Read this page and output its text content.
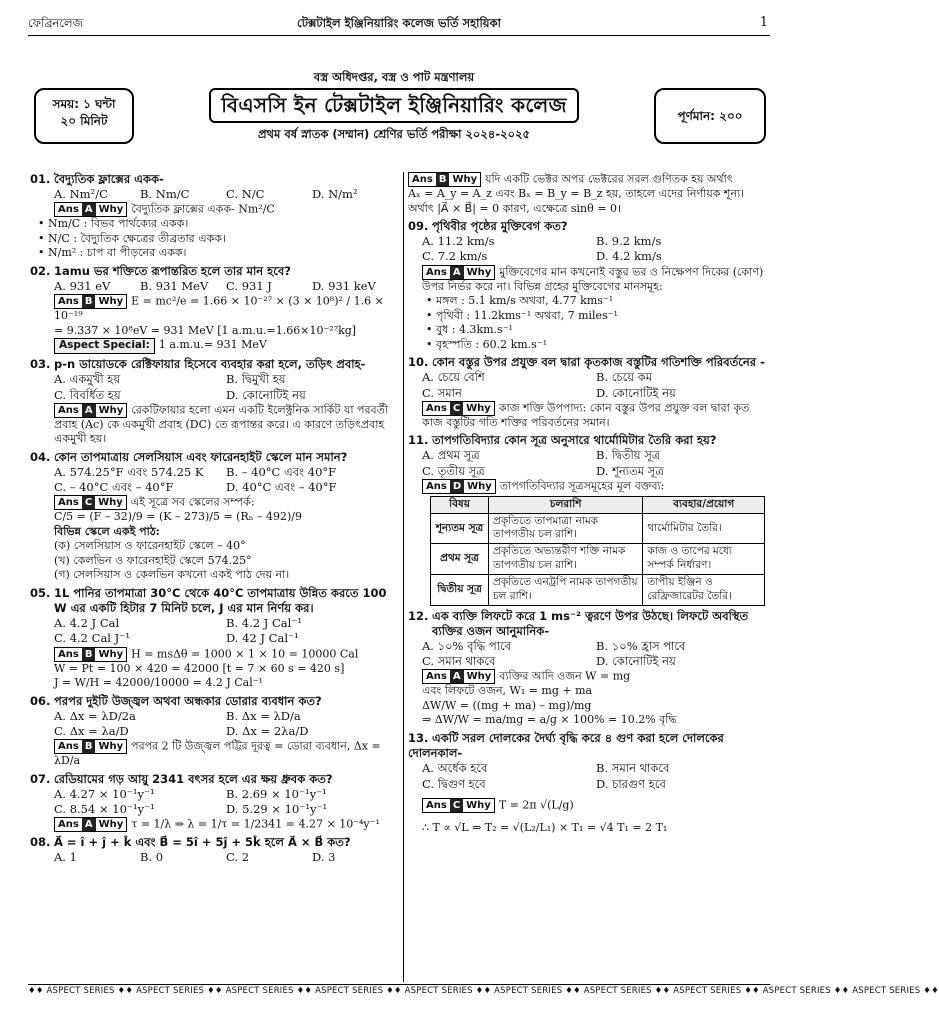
ফেব্রিনলেজ	টেক্সটাইল ইঞ্জিনিয়ারিং কলেজ ভর্তি সহায়িকা	1
সময়: ১ ঘন্টা
২০ মিনিট
বস্ত্র অধিদপ্তর, বস্ত্র ও পাট মন্ত্রণালয়
বিএসসি ইন টেক্সটাইল ইঞ্জিনিয়ারিং কলেজ
প্রথম বর্ষ স্নাতক (সম্মান) শ্রেণির ভর্তি পরীক্ষা ২০২৪-২০২৫
পূর্ণমান: ২০০
01. বৈদ্যুতিক ফ্লাক্সের একক-
A. Nm²/C	B. Nm/C	C. N/C	D. N/m²
Ans A Why বৈদ্যুতিক ফ্লাক্সের একক- Nm²/C
• Nm/C : বিভব পার্থক্যের একক।
• N/C : বৈদ্যুতিক ক্ষেত্রের তীব্রতার একক।
• N/m² : চাপ বা পীড়নের একক।
02. 1amu ভর শক্তিতে রূপান্তরিত হলে তার মান হবে?
A. 931 eV	B. 931 MeV	C. 931 J	D. 931 keV
Ans B Why E = mc²/e = 1.66 × 10⁻²⁷ × (3 × 10⁸)² / 1.6 × 10⁻¹⁹
= 9.337 × 10⁸eV = 931 MeV [1 a.m.u.=1.66×10⁻²⁷kg]
Aspect Special: 1 a.m.u.= 931 MeV
03. p-n ডায়োডকে রেক্টিফায়ার হিসেবে ব্যবহার করা হলে, তড়িৎ প্রবাহ-
A. একমুখী হয়	B. দ্বিমুখী হয়
C. বিবর্ধিত হয়	D. কোনোটিই নয়
Ans A Why রেকটিফায়ার হলো এমন একটি ইলেক্ট্রনিক সার্কিট যা পরবর্তী প্রবাহ (Ac) কে একমুখী প্রবাহ (DC) তে রূপান্তর করে। এ কারণে তড়িৎপ্রবাহ একমুখী হয়।
04. কোন তাপমাত্রায় সেলসিয়াস এবং ফারেনহাইট স্কেলে মান সমান?
A. 574.25°F এবং 574.25 K	B. – 40°C এবং 40°F
C. – 40°C এবং – 40°F	D. 40°C এবং – 40°F
Ans C Why এই সূত্রে সব স্কেলের সম্পর্ক:
C/5 = (F – 32)/9 = (K – 273)/5 = (Rₙ – 492)/9
বিভিন্ন স্কেলে একই পাঠ:
(ক) সেলসিয়াস ও ফারেনহাইট স্কেলে – 40°
(খ) কেলভিন ও ফারেনহাইট স্কেলে 574.25°
(গ) সেলসিয়াস ও কেলভিন কখনো একই পাঠ দেয় না।
05. 1L পানির তাপমাত্রা 30°C থেকে 40°C তাপমাত্রায় উন্নিত করতে 100 W এর একটি হিটার 7 মিনিট চলে, J এর মান নির্ণয় কর।
A. 4.2 J Cal	B. 4.2 J Cal⁻¹
C. 4.2 Cal J⁻¹	D. 42 J Cal⁻¹
Ans B Why H = msΔθ = 1000 × 1 × 10 = 10000 Cal
W = Pt = 100 × 420 = 42000 [t = 7 × 60 s = 420 s]
J = W/H = 42000/10000 = 4.2 J Cal⁻¹
06. পরপর দুইটি উজ্জ্বল অথবা অন্ধকার ডোরার ব্যবধান কত?
A. Δx = λD/2a	B. Δx = λD/a
C. Δx = λa/D	D. Δx = 2λa/D
Ans B Why পরপর 2 টি উজ্জ্বল পট্টির দূরত্ব = ডোরা ব্যবধান, Δx = λD/a
07. রেডিয়ামের গড় আয়ু 2341 বৎসর হলে এর ক্ষয় ধ্রুবক কত?
A. 4.27 × 10⁻¹y⁻¹	B. 2.69 × 10⁻¹y⁻¹
C. 8.54 × 10⁻¹y⁻¹	D. 5.29 × 10⁻¹y⁻¹
Ans A Why τ = 1/λ ⇒ λ = 1/τ = 1/2341 = 4.27 × 10⁻⁴y⁻¹
08. A⃗ = î + ĵ + k̂ এবং B⃗ = 5î + 5ĵ + 5k̂ হলে A⃗ × B⃗ কত?
A. 1	B. 0	C. 2	D. 3
Ans B Why যদি একটি ভেক্টর অপর ভেক্টরের সরল গুণিতক হয় অর্থাৎ
Aₓ = A_y = A_z এবং Bₓ = B_y = B_z হয়, তাহলে এদের নির্ণায়ক শূন্য।
অর্থাৎ |A⃗ × B⃗| = 0 কারণ, এক্ষেত্রে sinθ = 0।
09. পৃথিবীর পৃষ্ঠের মুক্তিবেগ কত?
A. 11.2 km/s	B. 9.2 km/s
C. 7.2 km/s	D. 4.2 km/s
Ans A Why মুক্তিবেগের মান কখনোই বস্তুর ভর ও নিক্ষেপণ দিকের (কোণ) উপর নির্ভর করে না। বিভিন্ন গ্রহের মুক্তিবেগের মানসমূহ:
• মঙ্গল : 5.1 km/s অথবা, 4.77 kms⁻¹
• পৃথিবী : 11.2kms⁻¹ অথবা, 7 miles⁻¹
• বুধ : 4.3km.s⁻¹
• বৃহস্পতি : 60.2 km.s⁻¹
10. কোন বস্তুর উপর প্রযুক্ত বল দ্বারা কৃতকাজ বস্তুটির গতিশক্তি পরিবর্তনের -
A. চেয়ে বেশি	B. চেয়ে কম
C. সমান	D. কোনোটিই নয়
Ans C Why কাজ শক্তি উপপাদ্য: কোন বস্তুর উপর প্রযুক্ত বল দ্বারা কৃত কাজ বস্তুটির গতি শক্তির পরিবর্তনের সমান।
11. তাপগতিবিদ্যার কোন সূত্র অনুসারে থার্মোমিটার তৈরি করা হয়?
A. প্রথম সূত্র	B. দ্বিতীয় সূত্র
C. তৃতীয় সূত্র	D. শূন্যতম সূত্র
Ans D Why তাপগতিবিদ্যার সূত্রসমূহের মূল বক্তব্য:
বিষয়	চলরাশি	ব্যবহার/প্রয়োগ
শূন্যতম সূত্র	প্রকৃতিতে তাপমাত্রা নামক তাপগতীয় চল রাশি।	থার্মোমিটার তৈরি।
প্রথম সূত্র	প্রকৃতিতে অভ্যন্তরীণ শক্তি নামক তাপগতীয় চল রাশি।	কাজ ও তাপের মধ্যে সম্পর্ক নির্ধারণ।
দ্বিতীয় সূত্র	প্রকৃতিতে এনট্রপি নামক তাপগতীয় চল রাশি।	তাপীয় ইঞ্জিন ও রেফ্রিজারেটর তৈরি।
12. এক ব্যক্তি লিফটে করে 1 ms⁻² ত্বরণে উপর উঠছে। লিফটে অবস্থিত ব্যক্তির ওজন আনুমানিক-
A. ১০% বৃদ্ধি পাবে	B. ১০% হ্রাস পাবে
C. সমান থাকবে	D. কোনোটিই নয়
Ans A Why ব্যক্তির আদি ওজন W = mg
এবং লিফটে ওজন, W₁ = mg + ma
ΔW/W = ((mg + ma) – mg)/mg
⇒ ΔW/W = ma/mg = a/g × 100% = 10.2% বৃদ্ধি
13. একটি সরল দোলকের দৈর্ঘ্য বৃদ্ধি করে ৪ গুণ করা হলে দোলকের দোলনকাল-
A. অর্ধেক হবে	B. সমান থাকবে
C. দ্বিগুণ হবে	D. চারগুণ হবে
Ans C Why T = 2π √(L/g)
∴ T ∝ √L ⇒ T₂ = √(L₂/L₁) × T₁ = √4 T₁ = 2 T₁
♦♦ ASPECT SERIES ♦♦ ASPECT SERIES ♦♦ ASPECT SERIES ♦♦ ASPECT SERIES ♦♦ ASPECT SERIES ♦♦ ASPECT SERIES ♦♦ ASPECT SERIES ♦♦ ASPECT SERIES ♦♦ ASPECT SERIES ♦♦ ASPECT SERIES ♦♦
